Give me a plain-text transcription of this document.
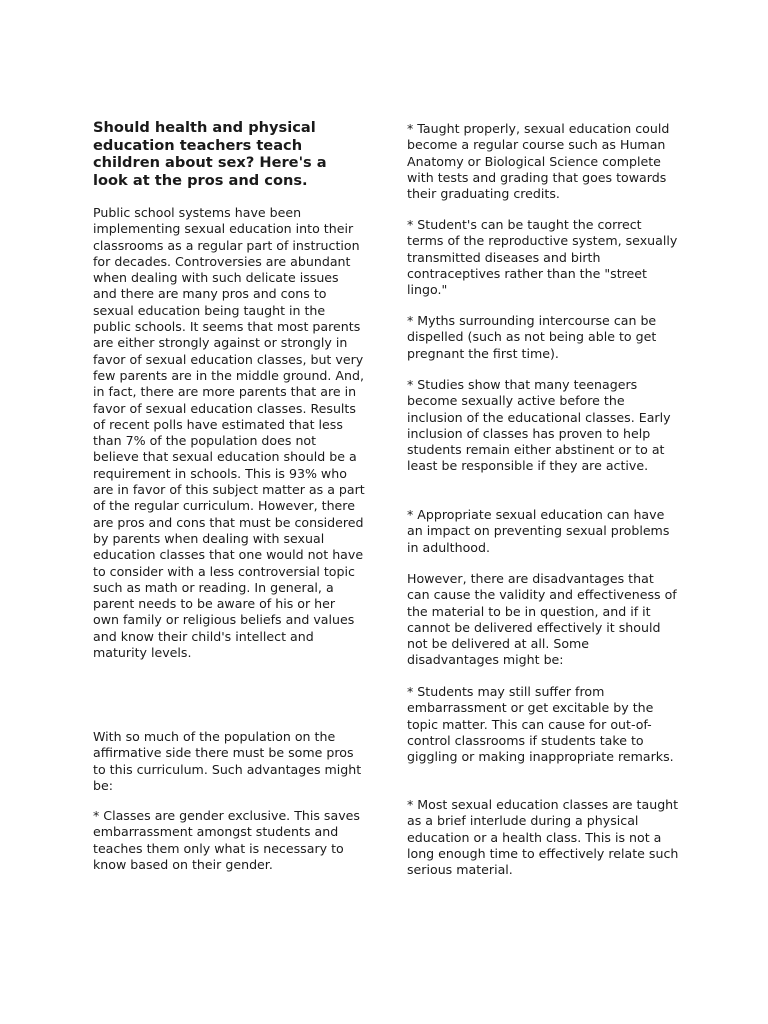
Should health and physical education teachers teach children about sex? Here's a look at the pros and cons.

Public school systems have been implementing sexual education into their classrooms as a regular part of instruction for decades. Controversies are abundant when dealing with such delicate issues and there are many pros and cons to sexual education being taught in the public schools. It seems that most parents are either strongly against or strongly in favor of sexual education classes, but very few parents are in the middle ground. And, in fact, there are more parents that are in favor of sexual education classes. Results of recent polls have estimated that less than 7% of the population does not believe that sexual education should be a requirement in schools. This is 93% who are in favor of this subject matter as a part of the regular curriculum. However, there are pros and cons that must be considered by parents when dealing with sexual education classes that one would not have to consider with a less controversial topic such as math or reading. In general, a parent needs to be aware of his or her own family or religious beliefs and values and know their child's intellect and maturity levels.

With so much of the population on the affirmative side there must be some pros to this curriculum. Such advantages might be:

* Classes are gender exclusive. This saves embarrassment amongst students and teaches them only what is necessary to know based on their gender.

* Taught properly, sexual education could become a regular course such as Human Anatomy or Biological Science complete with tests and grading that goes towards their graduating credits.

* Student's can be taught the correct terms of the reproductive system, sexually transmitted diseases and birth contraceptives rather than the "street lingo."

* Myths surrounding intercourse can be dispelled (such as not being able to get pregnant the first time).

* Studies show that many teenagers become sexually active before the inclusion of the educational classes. Early inclusion of classes has proven to help students remain either abstinent or to at least be responsible if they are active.

* Appropriate sexual education can have an impact on preventing sexual problems in adulthood.

However, there are disadvantages that can cause the validity and effectiveness of the material to be in question, and if it cannot be delivered effectively it should not be delivered at all. Some disadvantages might be:

* Students may still suffer from embarrassment or get excitable by the topic matter. This can cause for out-of-control classrooms if students take to giggling or making inappropriate remarks.

* Most sexual education classes are taught as a brief interlude during a physical education or a health class. This is not a long enough time to effectively relate such serious material.
